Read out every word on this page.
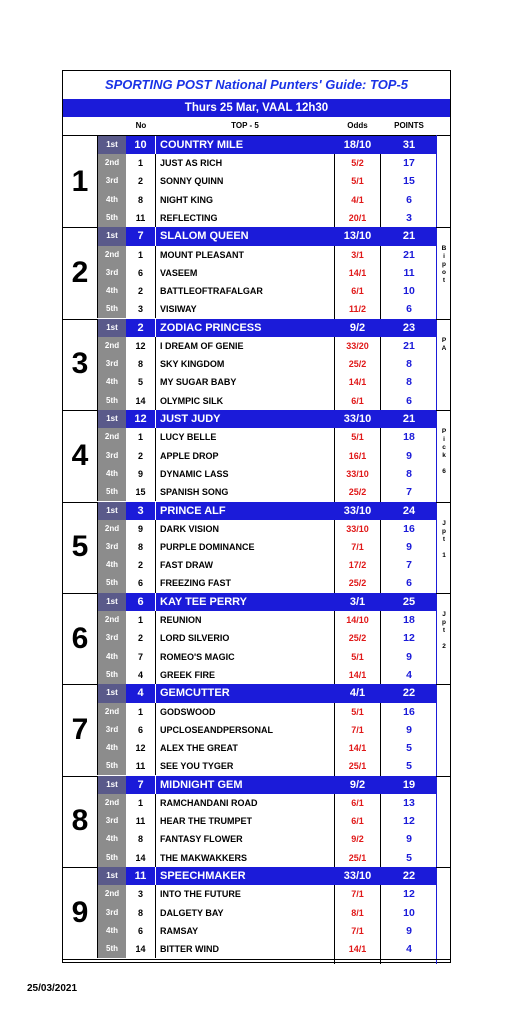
SPORTING POST National Punters' Guide: TOP-5
Thurs 25 Mar, VAAL 12h30
No	TOP - 5	Odds	POINTS
1
1st	10	COUNTRY MILE	18/10	31
2nd	1	JUST AS RICH	5/2	17
3rd	2	SONNY QUINN	5/1	15
4th	8	NIGHT KING	4/1	6
5th	11	REFLECTING	20/1	3
2
1st	7	SLALOM QUEEN	13/10	21
2nd	1	MOUNT PLEASANT	3/1	21
3rd	6	VASEEM	14/1	11
4th	2	BATTLEOFTRAFALGAR	6/1	10
5th	3	VISIWAY	11/2	6
B
i
p
o
t
3
1st	2	ZODIAC PRINCESS	9/2	23
2nd	12	I DREAM OF GENIE	33/20	21
3rd	8	SKY KINGDOM	25/2	8
4th	5	MY SUGAR BABY	14/1	8
5th	14	OLYMPIC SILK	6/1	6
P
A
4
1st	12	JUST JUDY	33/10	21
2nd	1	LUCY BELLE	5/1	18
3rd	2	APPLE DROP	16/1	9
4th	9	DYNAMIC LASS	33/10	8
5th	15	SPANISH SONG	25/2	7
P
i
c
k

6
5
1st	3	PRINCE ALF	33/10	24
2nd	9	DARK VISION	33/10	16
3rd	8	PURPLE DOMINANCE	7/1	9
4th	2	FAST DRAW	17/2	7
5th	6	FREEZING FAST	25/2	6
J
p
t

1
6
1st	6	KAY TEE PERRY	3/1	25
2nd	1	REUNION	14/10	18
3rd	2	LORD SILVERIO	25/2	12
4th	7	ROMEO'S MAGIC	5/1	9
5th	4	GREEK FIRE	14/1	4
J
p
t

2
7
1st	4	GEMCUTTER	4/1	22
2nd	1	GODSWOOD	5/1	16
3rd	6	UPCLOSEANDPERSONAL	7/1	9
4th	12	ALEX THE GREAT	14/1	5
5th	11	SEE YOU TYGER	25/1	5
8
1st	7	MIDNIGHT GEM	9/2	19
2nd	1	RAMCHANDANI ROAD	6/1	13
3rd	11	HEAR THE TRUMPET	6/1	12
4th	8	FANTASY FLOWER	9/2	9
5th	14	THE MAKWAKKERS	25/1	5
9
1st	11	SPEECHMAKER	33/10	22
2nd	3	INTO THE FUTURE	7/1	12
3rd	8	DALGETY BAY	8/1	10
4th	6	RAMSAY	7/1	9
5th	14	BITTER WIND	14/1	4
25/03/2021
